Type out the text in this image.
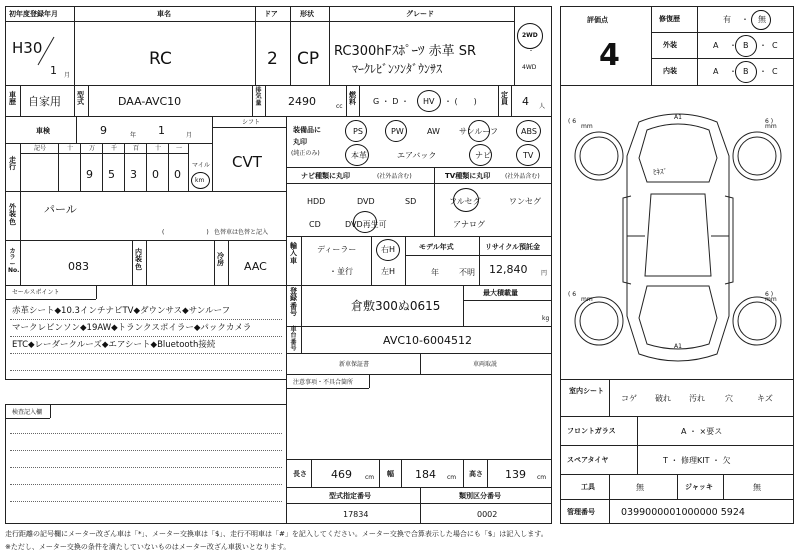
初年度登録年月
H30
1 月
車名
RC
ドア
2
形状
CP
グレード
RC300hFｽﾎﾟｰﾂ 赤革 SR
ﾏｰｸﾚﾋﾞﾝｿﾝﾀﾞｳﾝｻｽ
2WD
・
4WD
評価点
4
修復歴	有 ・ 無
外装	A ・ B ・ C
内装	A ・ B ・ C
車歴 自家用 型式	DAA-AVC10
排気量 2490	cc
燃料 G ・ D ・ HV ・ (　　)
定員 4 人
車検	9	年 1	月
シフト
CVT
走行
記号	十	万	千	百	十 一
9 5 3 0 0
マイル
km
装備品に
丸印
(純正のみ)
PS	PW	AW サンルーフ	ABS
本革	エアバック	ナビ	TV
ナビ種類に丸印	(社外品含む)
HDD	DVD	SD
CD	DVD再生可
TV種類に丸印 (社外品含む)
フルセグ	ワンセグ
アナログ
外装色
パール
(　　　　　　　) 色替車は色替と記入
カラーNo.	083
内装色
冷房 AAC
輸入車
ディーラー
・並行
右H
左H
モデル年式
年	不明
リサイクル預託金
12,840 円
セールスポイント
赤革シート◆10.3インチナビTV◆ダウンサス◆サンルーフ
マークレビンソン◆19AW◆トランクスポイラー◆パックカメラ
ETC◆レーダークルーズ◆エアシート◆Bluetooth接続
登録番号
倉敷300ぬ0615
最大積載量
kg
車台番号
AVC10-6004512
新車保証書	車両取説
注意事項・不具合箇所
検査記入欄
長さ 469 cm 幅 184 cm 高さ 139 cm
型式指定番号
17834
類別区分番号
0002
( 6
mm
6 )
mm
( 6
mm
6 )
mm
A1
A1
ﾋｷｽﾞ
室内シート
コゲ 破れ 汚れ	穴	キズ
フロントガラス	A ・ ×要ス
スペアタイヤ	T ・ 修理KIT ・ 欠
工具	無	ジャッキ	無
管理番号	0399000001000000 5924
走行距離の記号欄にメーター改ざん車は「*」、メーター交換車は「$」、走行不明車は「#」を記入してください。メーター交換で合算表示した場合にも「$」は記入します。
※ただし、メーター交換の条件を満たしていないものはメーター改ざん車扱いとなります。
